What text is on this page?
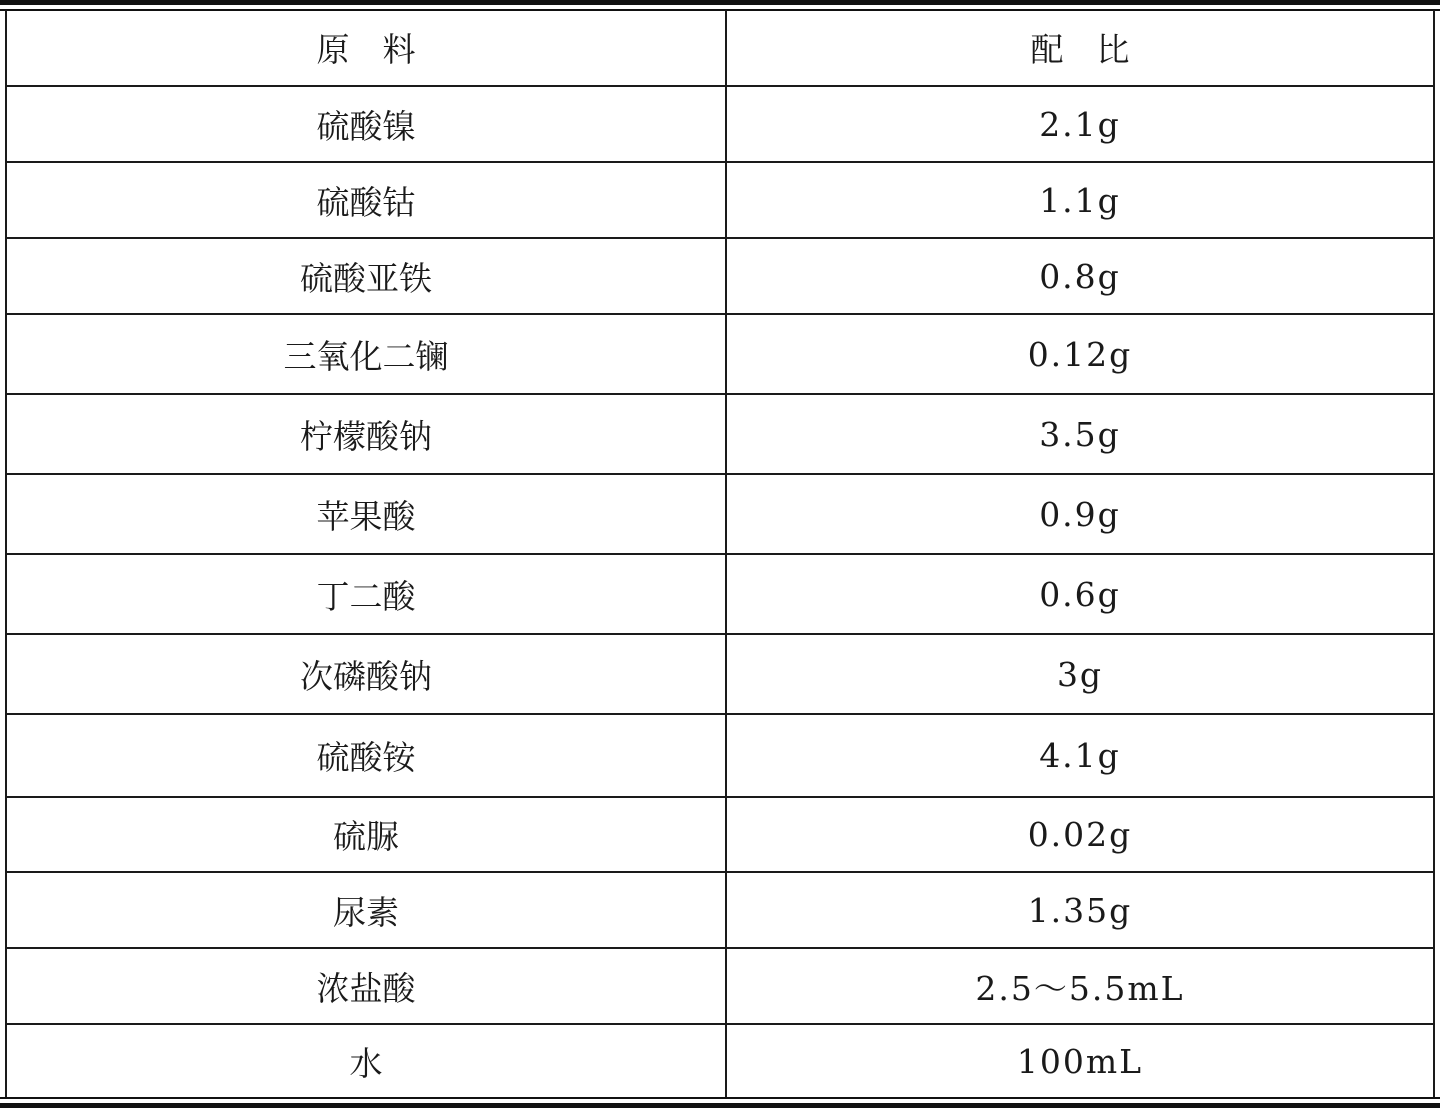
原　料	配　比
硫酸镍	2.1g
硫酸钴	1.1g
硫酸亚铁	0.8g
三氧化二镧	0.12g
柠檬酸钠	3.5g
苹果酸	0.9g
丁二酸	0.6g
次磷酸钠	3g
硫酸铵	4.1g
硫脲	0.02g
尿素	1.35g
浓盐酸	2.5～5.5mL
水	100mL
